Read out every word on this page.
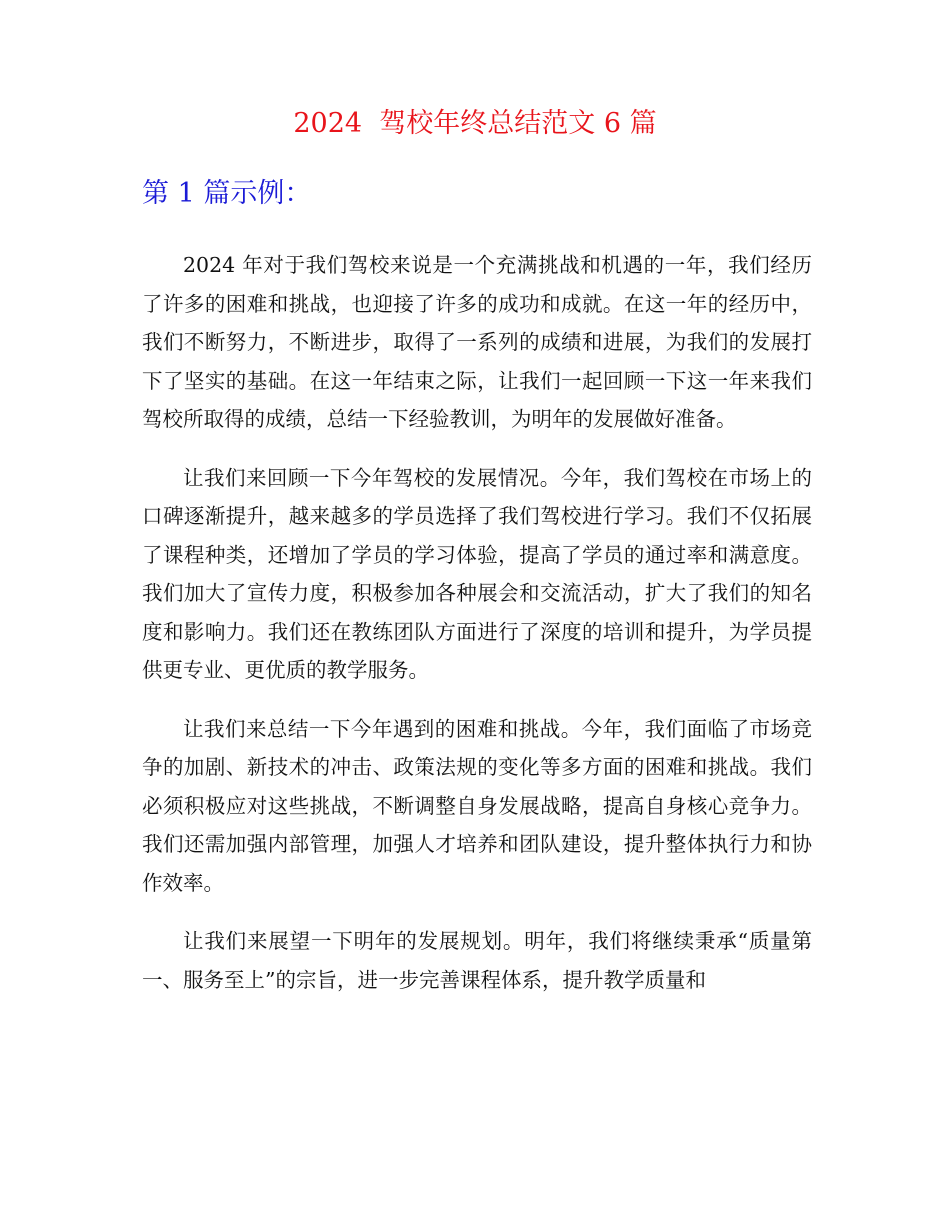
2024  驾校年终总结范文 6 篇
第 1 篇示例：

2024 年对于我们驾校来说是一个充满挑战和机遇的一年，我们经历了许多的困难和挑战，也迎接了许多的成功和成就。在这一年的经历中，我们不断努力，不断进步，取得了一系列的成绩和进展，为我们的发展打下了坚实的基础。在这一年结束之际，让我们一起回顾一下这一年来我们驾校所取得的成绩，总结一下经验教训，为明年的发展做好准备。

让我们来回顾一下今年驾校的发展情况。今年，我们驾校在市场上的口碑逐渐提升，越来越多的学员选择了我们驾校进行学习。我们不仅拓展了课程种类，还增加了学员的学习体验，提高了学员的通过率和满意度。我们加大了宣传力度，积极参加各种展会和交流活动，扩大了我们的知名度和影响力。我们还在教练团队方面进行了深度的培训和提升，为学员提供更专业、更优质的教学服务。

让我们来总结一下今年遇到的困难和挑战。今年，我们面临了市场竞争的加剧、新技术的冲击、政策法规的变化等多方面的困难和挑战。我们必须积极应对这些挑战，不断调整自身发展战略，提高自身核心竞争力。我们还需加强内部管理，加强人才培养和团队建设，提升整体执行力和协作效率。

让我们来展望一下明年的发展规划。明年，我们将继续秉承“质量第一、服务至上”的宗旨，进一步完善课程体系，提升教学质量和
